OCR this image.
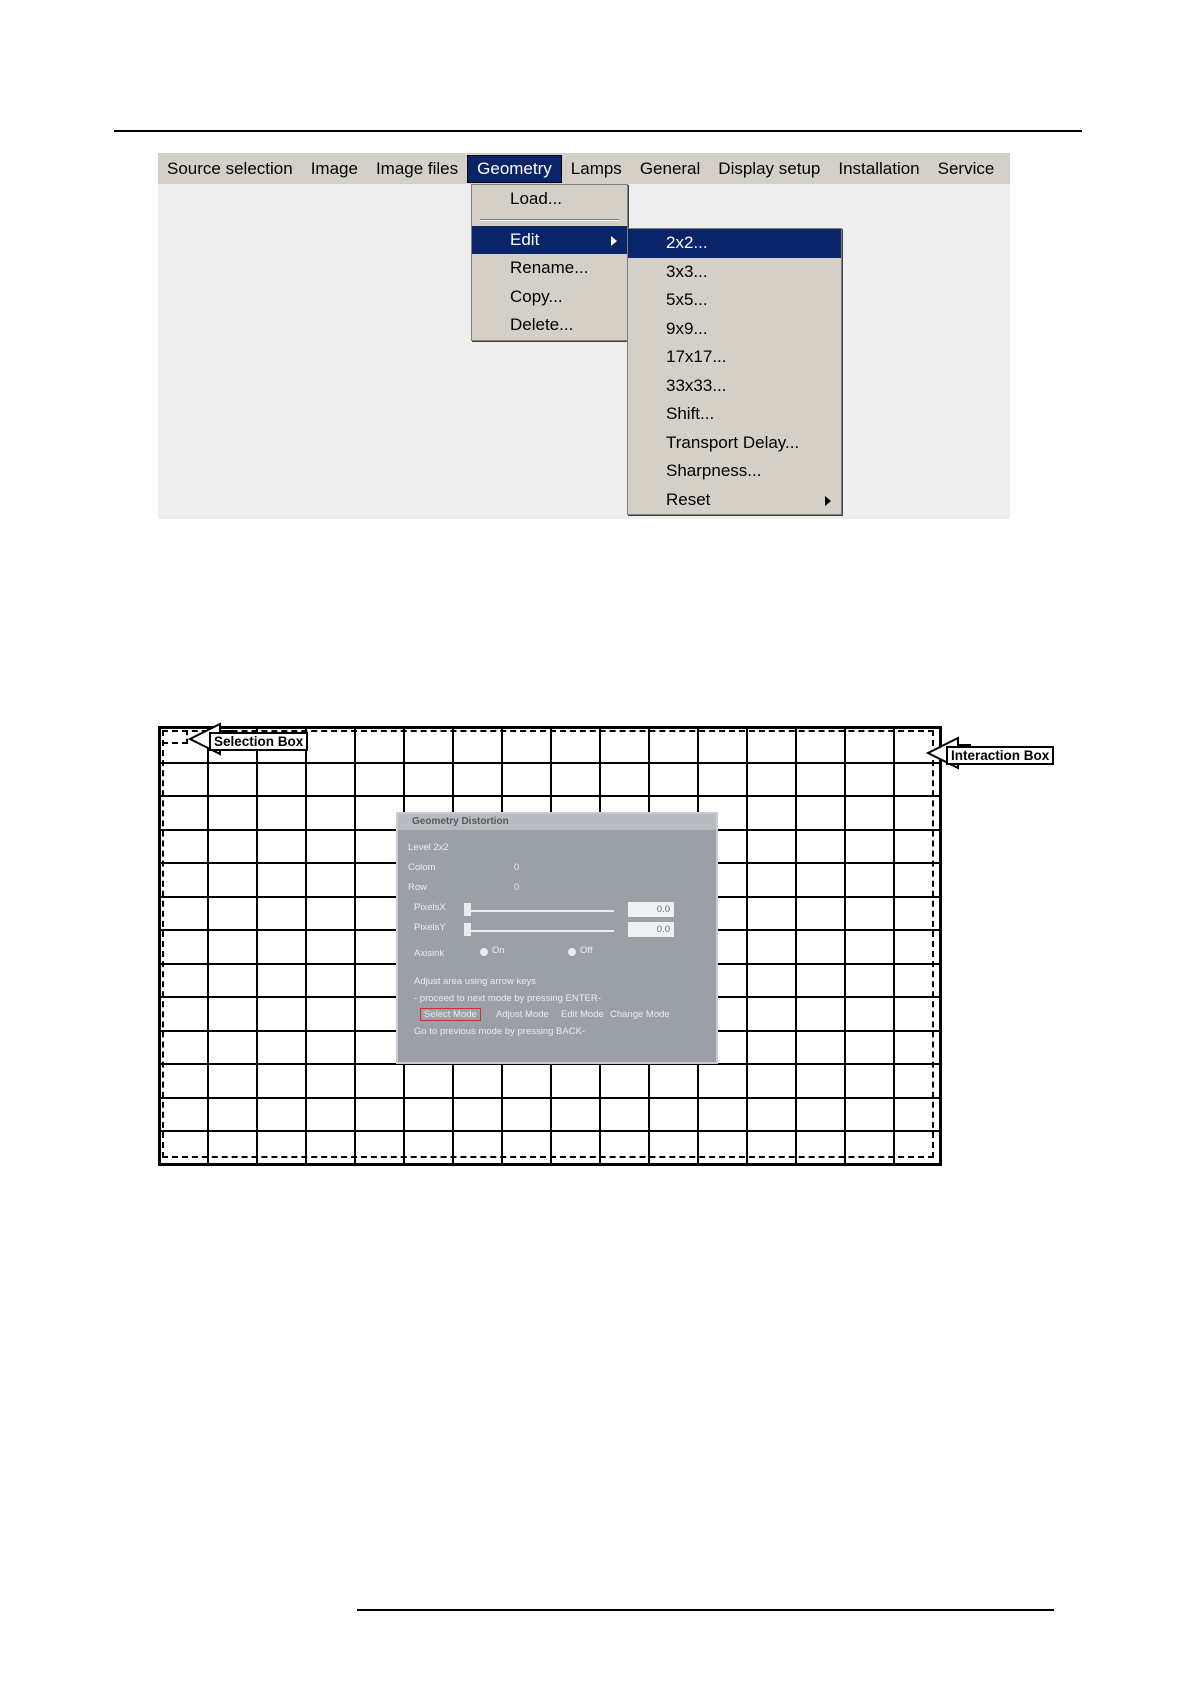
Source selection	Image	Image files	Geometry	Lamps	General	Display setup	Installation	Service
Load...
Edit
Rename...
Copy...
Delete...
2x2...
3x3...
5x5...
9x9...
17x17...
33x33...
Shift...
Transport Delay...
Sharpness...
Reset
Geometry Distortion
Level 2x2
Colom	0
Row	0
PixelsX	0.0
PixelsY	0.0
Axisink	On	Off
Adjust area using arrow keys
- proceed to next mode by pressing ENTER-
Select Mode	Adjust Mode Edit Mode Change Mode
Go to previous mode by pressing BACK-
Selection Box
Interaction Box
